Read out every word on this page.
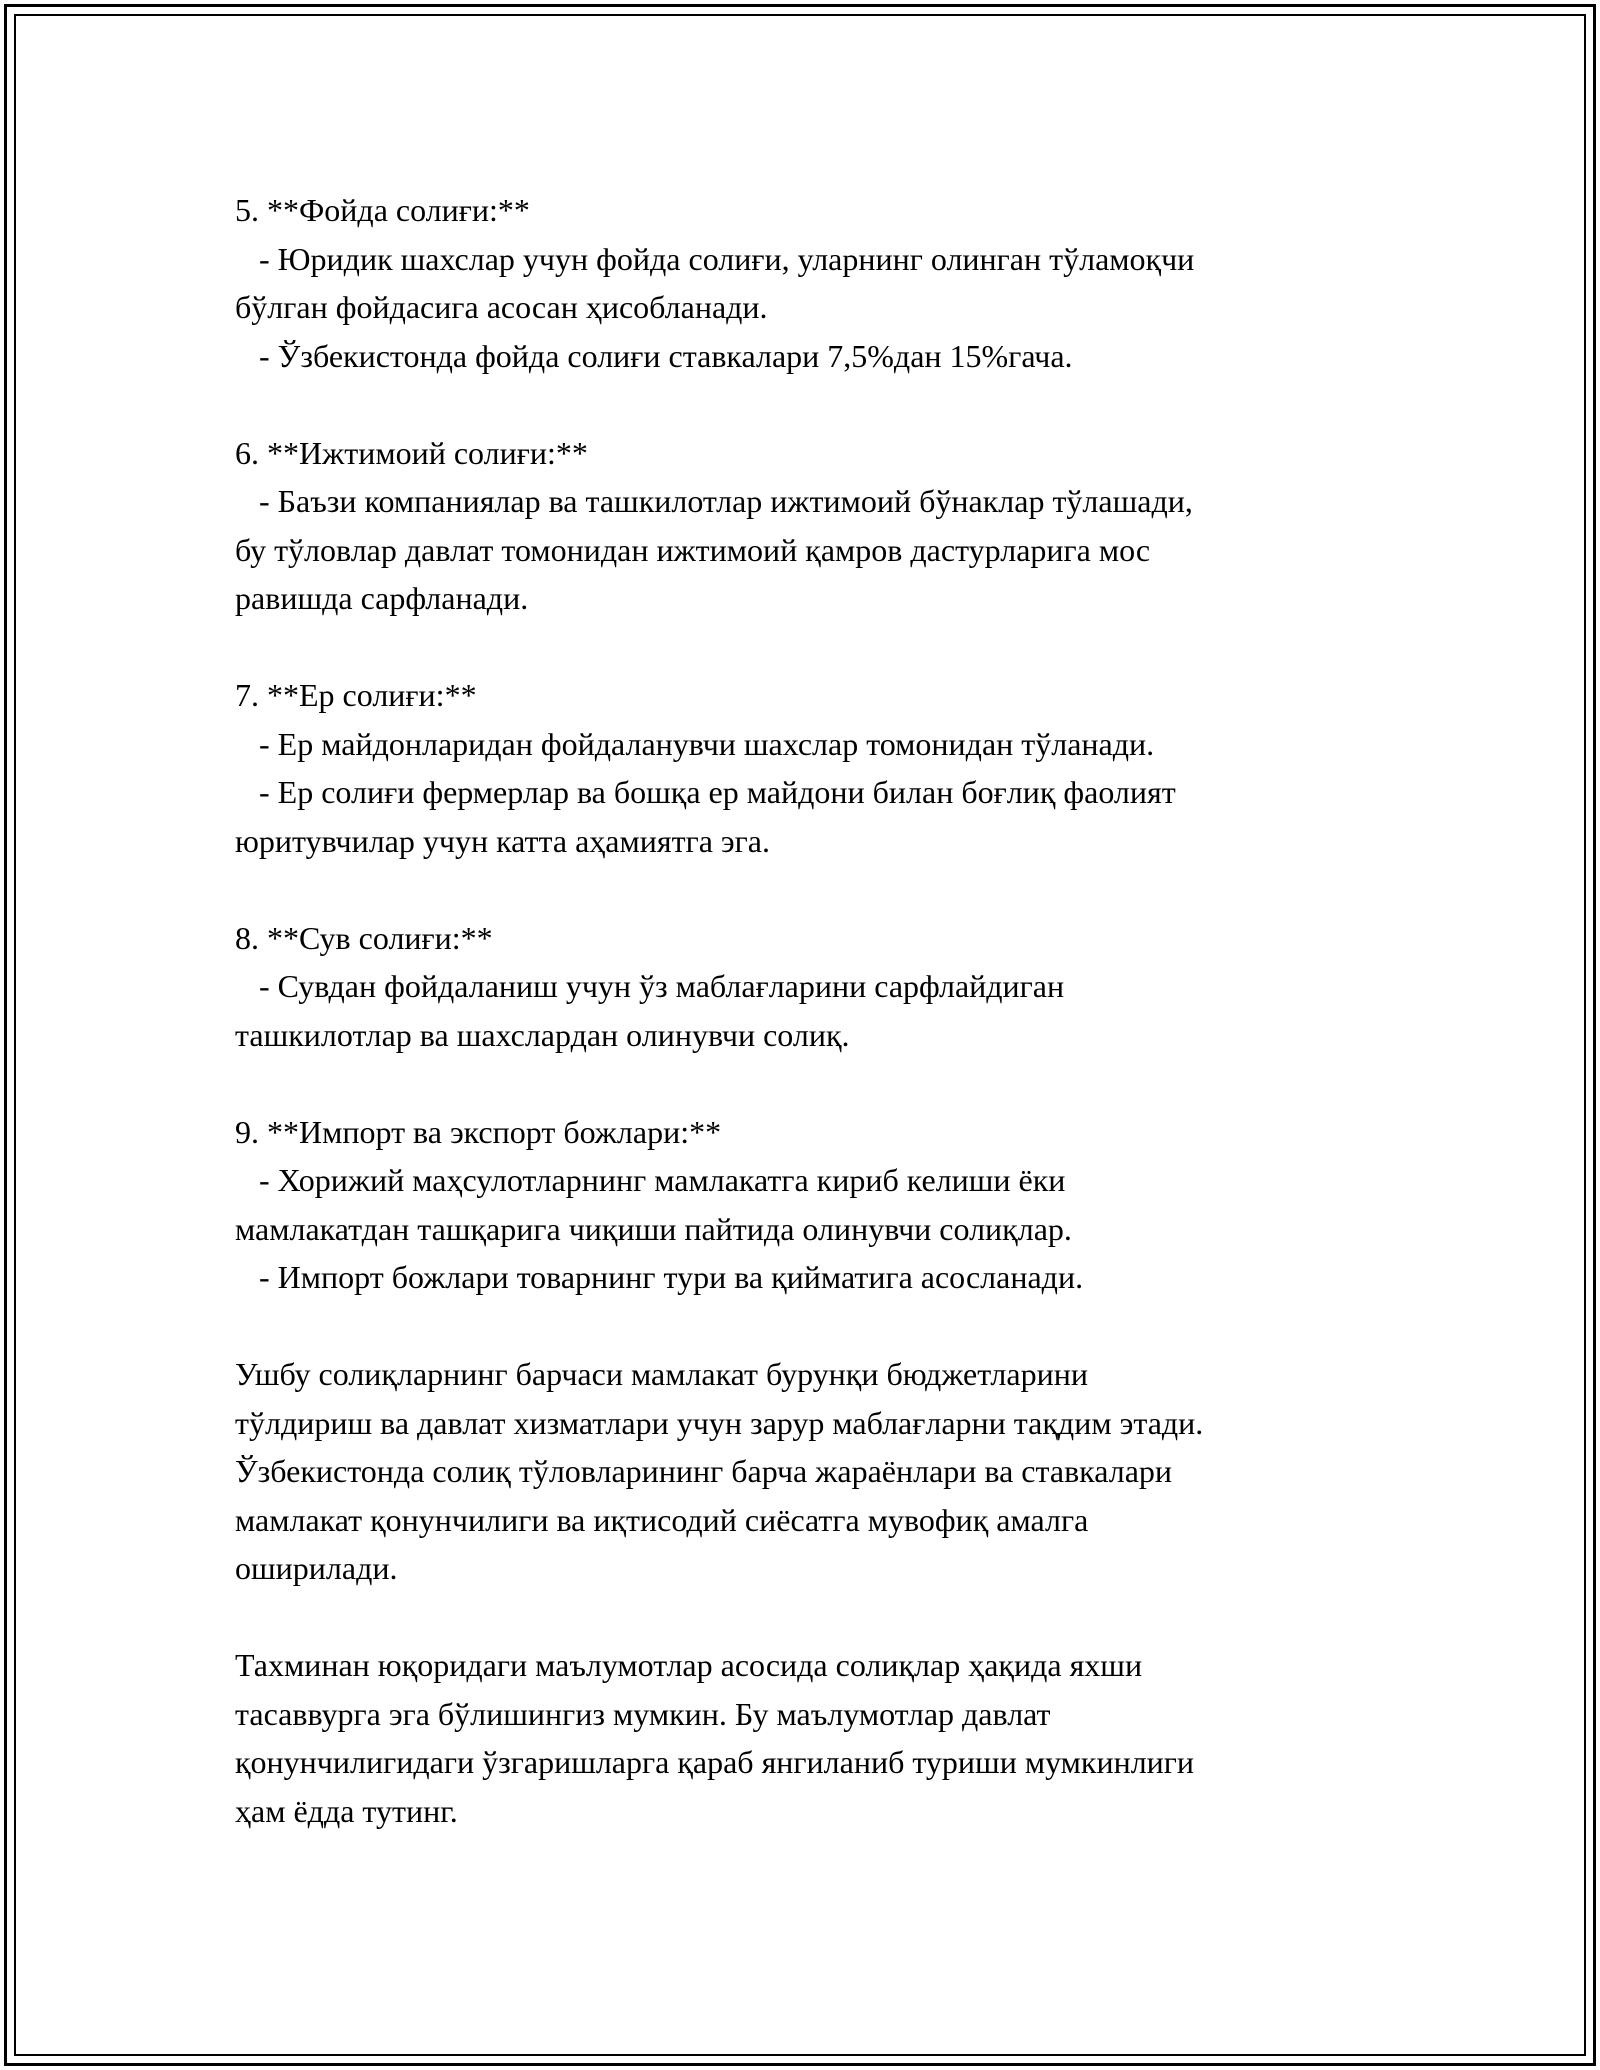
5. **Фойда солиғи:**
- Юридик шахслар учун фойда солиғи, уларнинг олинган тўламоқчи
бўлган фойдасига асосан ҳисобланади.
- Ўзбекистонда фойда солиғи ставкалари 7,5%дан 15%гача.
6. **Ижтимоий солиғи:**
- Баъзи компаниялар ва ташкилотлар ижтимоий бўнаклар тўлашади,
бу тўловлар давлат томонидан ижтимоий қамров дастурларига мос
равишда сарфланади.
7. **Ер солиғи:**
- Ер майдонларидан фойдаланувчи шахслар томонидан тўланади.
- Ер солиғи фермерлар ва бошқа ер майдони билан боғлиқ фаолият
юритувчилар учун катта аҳамиятга эга.
8. **Сув солиғи:**
- Сувдан фойдаланиш учун ўз маблағларини сарфлайдиган
ташкилотлар ва шахслардан олинувчи солиқ.
9. **Импорт ва экспорт божлари:**
- Хорижий маҳсулотларнинг мамлакатга кириб келиши ёки
мамлакатдан ташқарига чиқиши пайтида олинувчи солиқлар.
- Импорт божлари товарнинг тури ва қийматига асосланади.
Ушбу солиқларнинг барчаси мамлакат бурунқи бюджетларини
тўлдириш ва давлат хизматлари учун зарур маблағларни тақдим этади.
Ўзбекистонда солиқ тўловларининг барча жараёнлари ва ставкалари
мамлакат қонунчилиги ва иқтисодий сиёсатга мувофиқ амалга
оширилади.
Тахминан юқоридаги маълумотлар асосида солиқлар ҳақида яхши
тасаввурга эга бўлишингиз мумкин. Бу маълумотлар давлат
қонунчилигидаги ўзгаришларга қараб янгиланиб туриши мумкинлиги
ҳам ёдда тутинг.
